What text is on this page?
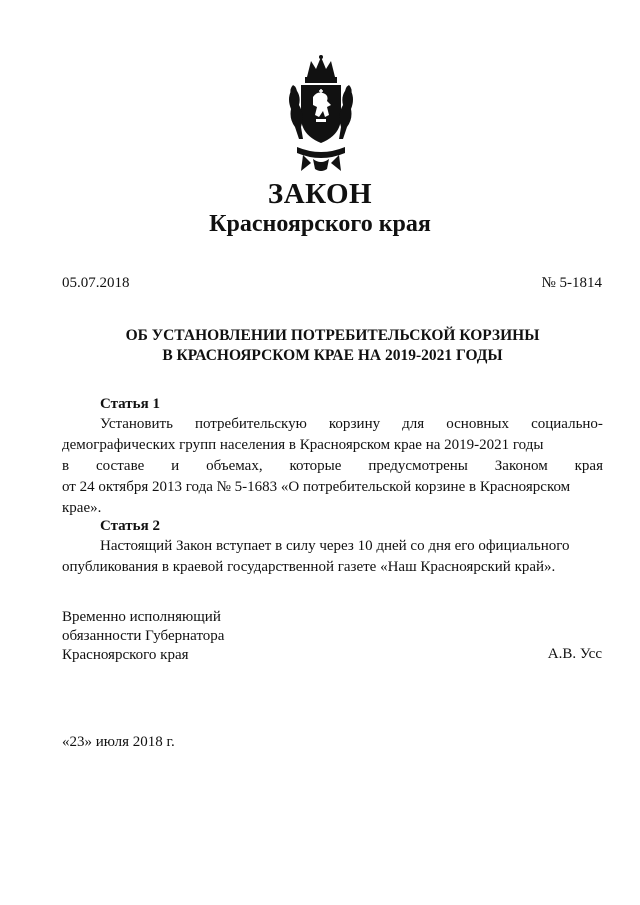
ЗАКОН
Красноярского края
05.07.2018	№ 5-1814
ОБ УСТАНОВЛЕНИИ ПОТРЕБИТЕЛЬСКОЙ КОРЗИНЫ
В КРАСНОЯРСКОМ КРАЕ НА 2019-2021 ГОДЫ
Статья 1
Установить потребительскую корзину для основных социально-
демографических групп населения в Красноярском крае на 2019-2021 годы
в составе и объемах, которые предусмотрены Законом края
от 24 октября 2013 года № 5-1683 «О потребительской корзине в Красноярском
крае».
Статья 2
Настоящий Закон вступает в силу через 10 дней со дня его официального
опубликования в краевой государственной газете «Наш Красноярский край».
Временно исполняющий
обязанности Губернатора
Красноярского края	А.В. Усс
«23» июля 2018 г.
